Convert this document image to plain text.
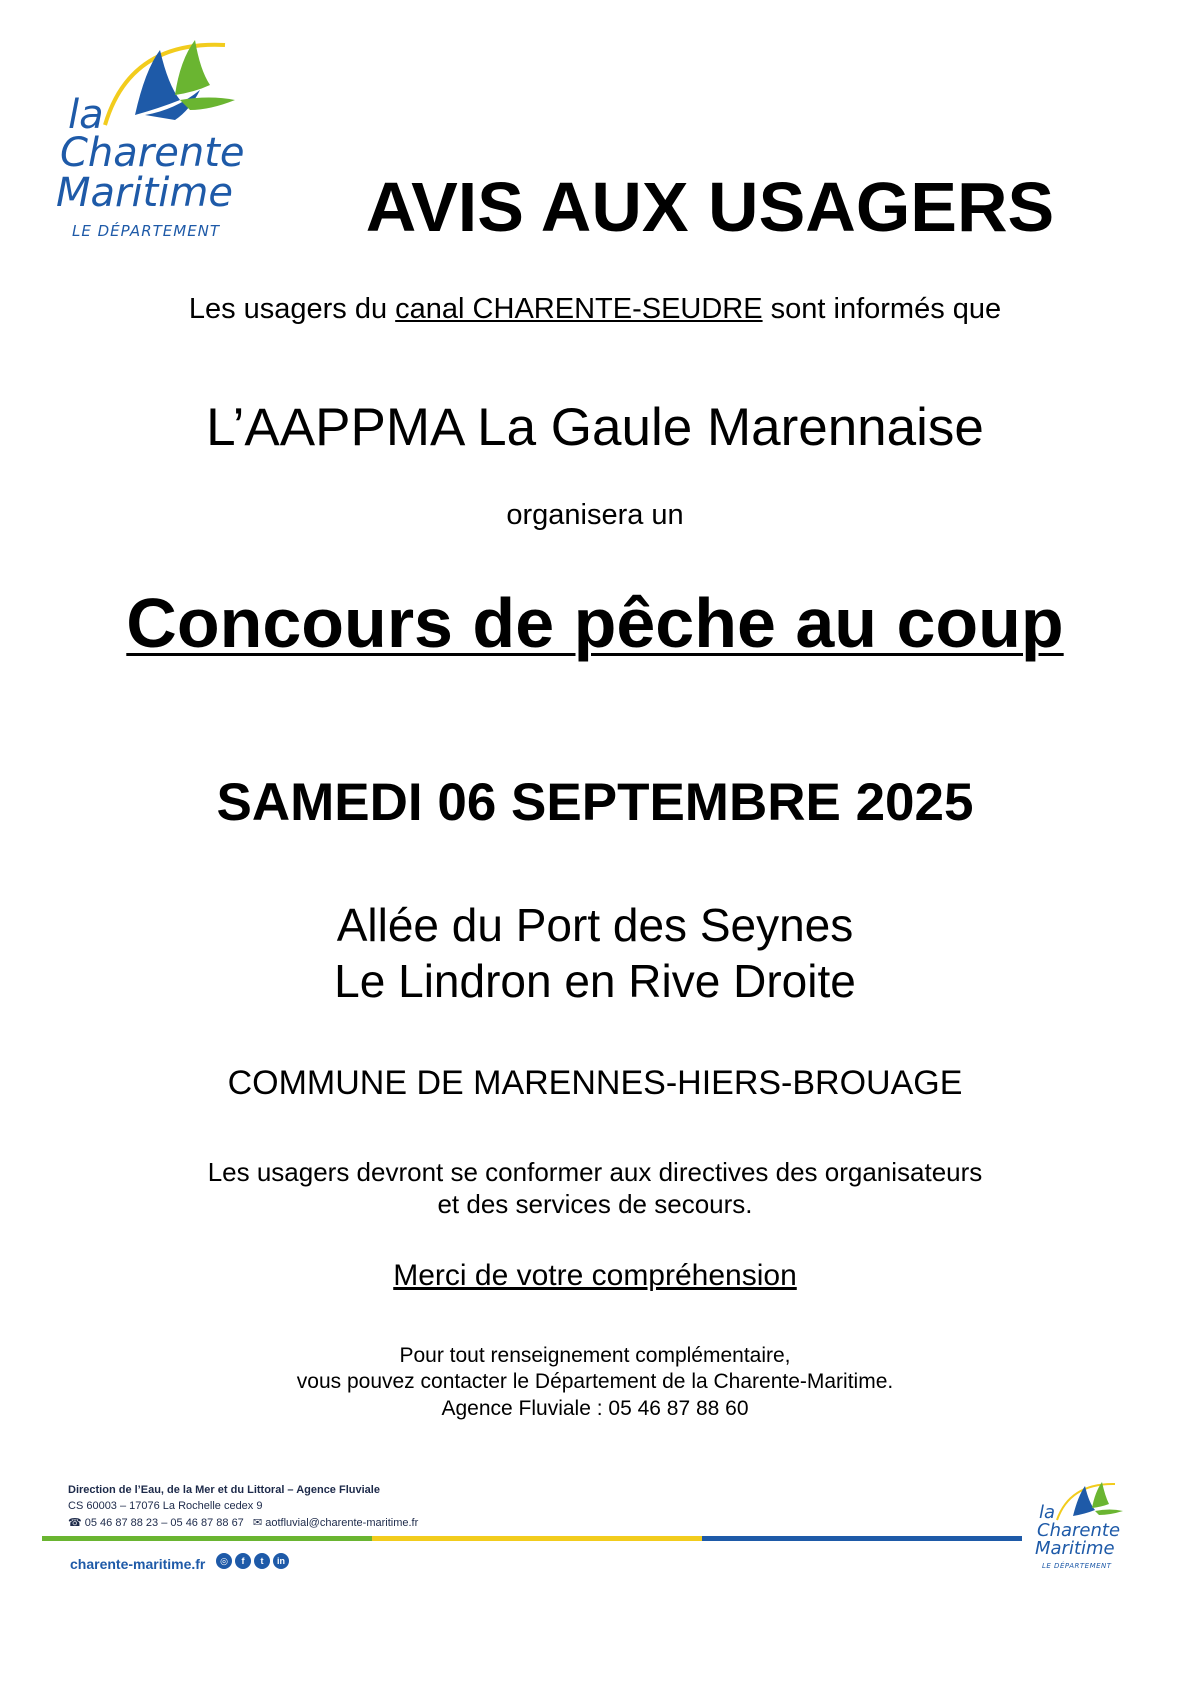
la
Charente
Maritime
LE DÉPARTEMENT	AVIS AUX USAGERS
Les usagers du canal CHARENTE-SEUDRE sont informés que
L’AAPPMA La Gaule Marennaise
organisera un
Concours de pêche au coup
SAMEDI 06 SEPTEMBRE 2025
Allée du Port des Seynes
Le Lindron en Rive Droite
COMMUNE DE MARENNES-HIERS-BROUAGE
Les usagers devront se conformer aux directives des organisateurs
et des services de secours.
Merci de votre compréhension
Pour tout renseignement complémentaire,
vous pouvez contacter le Département de la Charente-Maritime.
Agence Fluviale : 05 46 87 88 60
Direction de l’Eau, de la Mer et du Littoral – Agence Fluviale
CS 60003 – 17076 La Rochelle cedex 9
☎ 05 46 87 88 23 – 05 46 87 88 67   ✉ aotfluvial@charente-maritime.fr
charente-maritime.fr	◎ f t in
la
Charente
Maritime
LE DÉPARTEMENT
